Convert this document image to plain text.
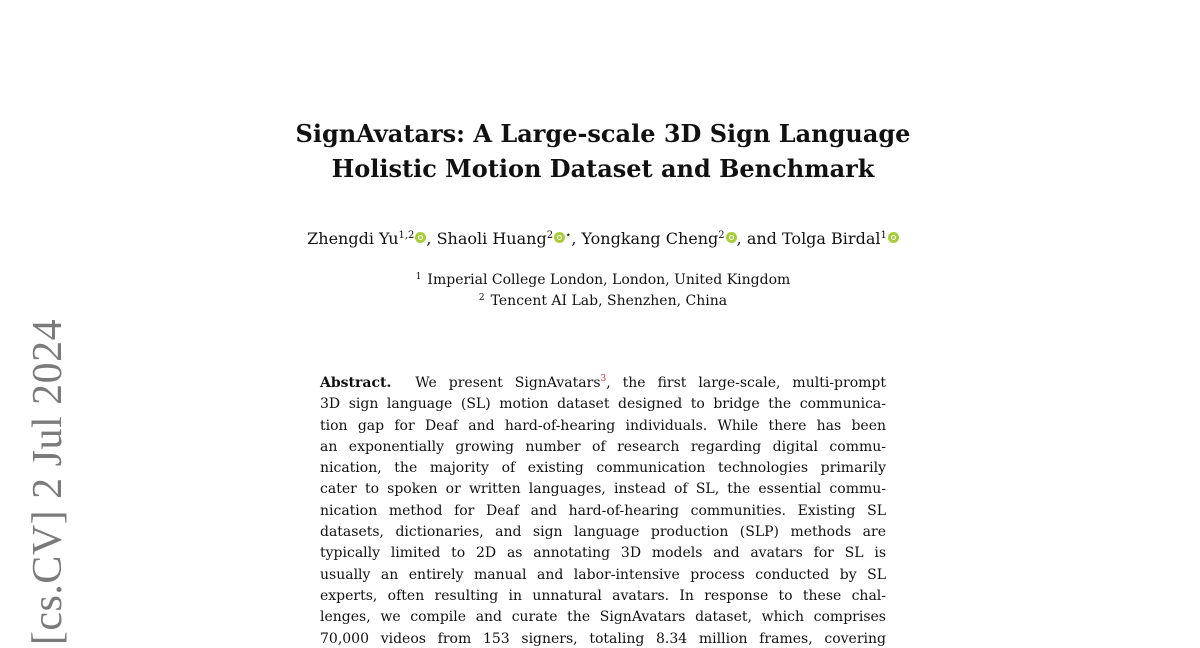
[cs.CV] 2 Jul 2024
SignAvatars: A Large-scale 3D Sign Language
Holistic Motion Dataset and Benchmark
Zhengdi Yu$^{1,2}$ , Shaoli Huang$^2$ ⋆, Yongkang Cheng$^2$ , and Tolga Birdal$^1$
$^1$ Imperial College London, London, United Kingdom
$^2$ Tencent AI Lab, Shenzhen, China
Abstract. We present SignAvatars$^3$, the first large-scale, multi-prompt
3D sign language (SL) motion dataset designed to bridge the communica-
tion gap for Deaf and hard-of-hearing individuals. While there has been
an exponentially growing number of research regarding digital commu-
nication, the majority of existing communication technologies primarily
cater to spoken or written languages, instead of SL, the essential commu-
nication method for Deaf and hard-of-hearing communities. Existing SL
datasets, dictionaries, and sign language production (SLP) methods are
typically limited to 2D as annotating 3D models and avatars for SL is
usually an entirely manual and labor-intensive process conducted by SL
experts, often resulting in unnatural avatars. In response to these chal-
lenges, we compile and curate the SignAvatars dataset, which comprises
70,000 videos from 153 signers, totaling 8.34 million frames, covering
